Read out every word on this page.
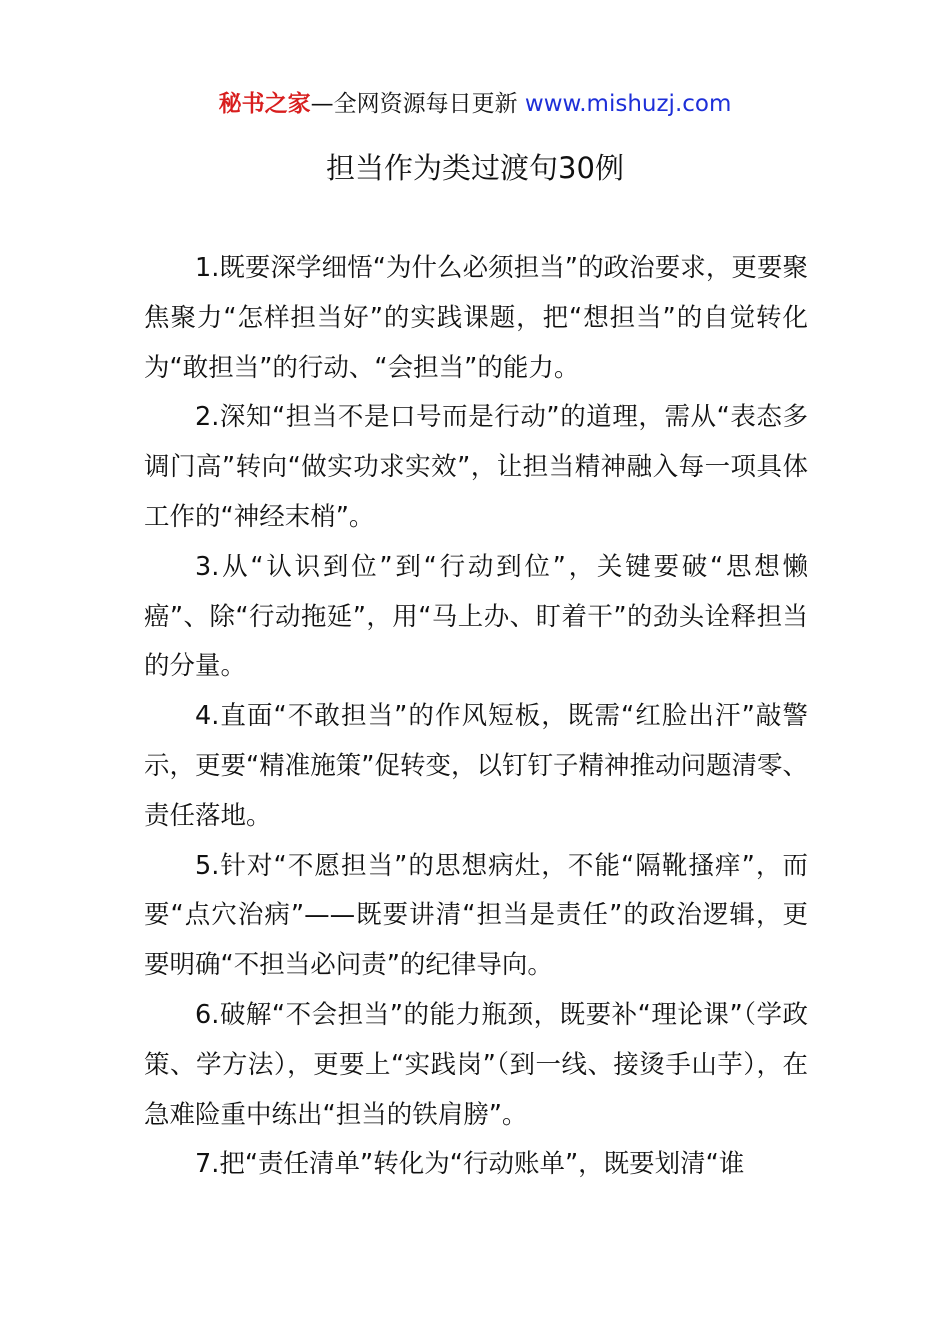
秘书之家—全网资源每日更新 www.mishuzj.com
担当作为类过渡句30例

1.既要深学细悟“为什么必须担当”的政治要求，更要聚焦聚力“怎样担当好”的实践课题，把“想担当”的自觉转化为“敢担当”的行动、“会担当”的能力。

2.深知“担当不是口号而是行动”的道理，需从“表态多调门高”转向“做实功求实效”，让担当精神融入每一项具体工作的“神经末梢”。

3.从“认识到位”到“行动到位”，关键要破“思想懒癌”、除“行动拖延”，用“马上办、盯着干”的劲头诠释担当的分量。

4.直面“不敢担当”的作风短板，既需“红脸出汗”敲警示，更要“精准施策”促转变，以钉钉子精神推动问题清零、责任落地。

5.针对“不愿担当”的思想病灶，不能“隔靴搔痒”，而要“点穴治病”——既要讲清“担当是责任”的政治逻辑，更要明确“不担当必问责”的纪律导向。

6.破解“不会担当”的能力瓶颈，既要补“理论课”（学政策、学方法），更要上“实践岗”（到一线、接烫手山芋），在急难险重中练出“担当的铁肩膀”。

7.把“责任清单”转化为“行动账单”，既要划清“谁
